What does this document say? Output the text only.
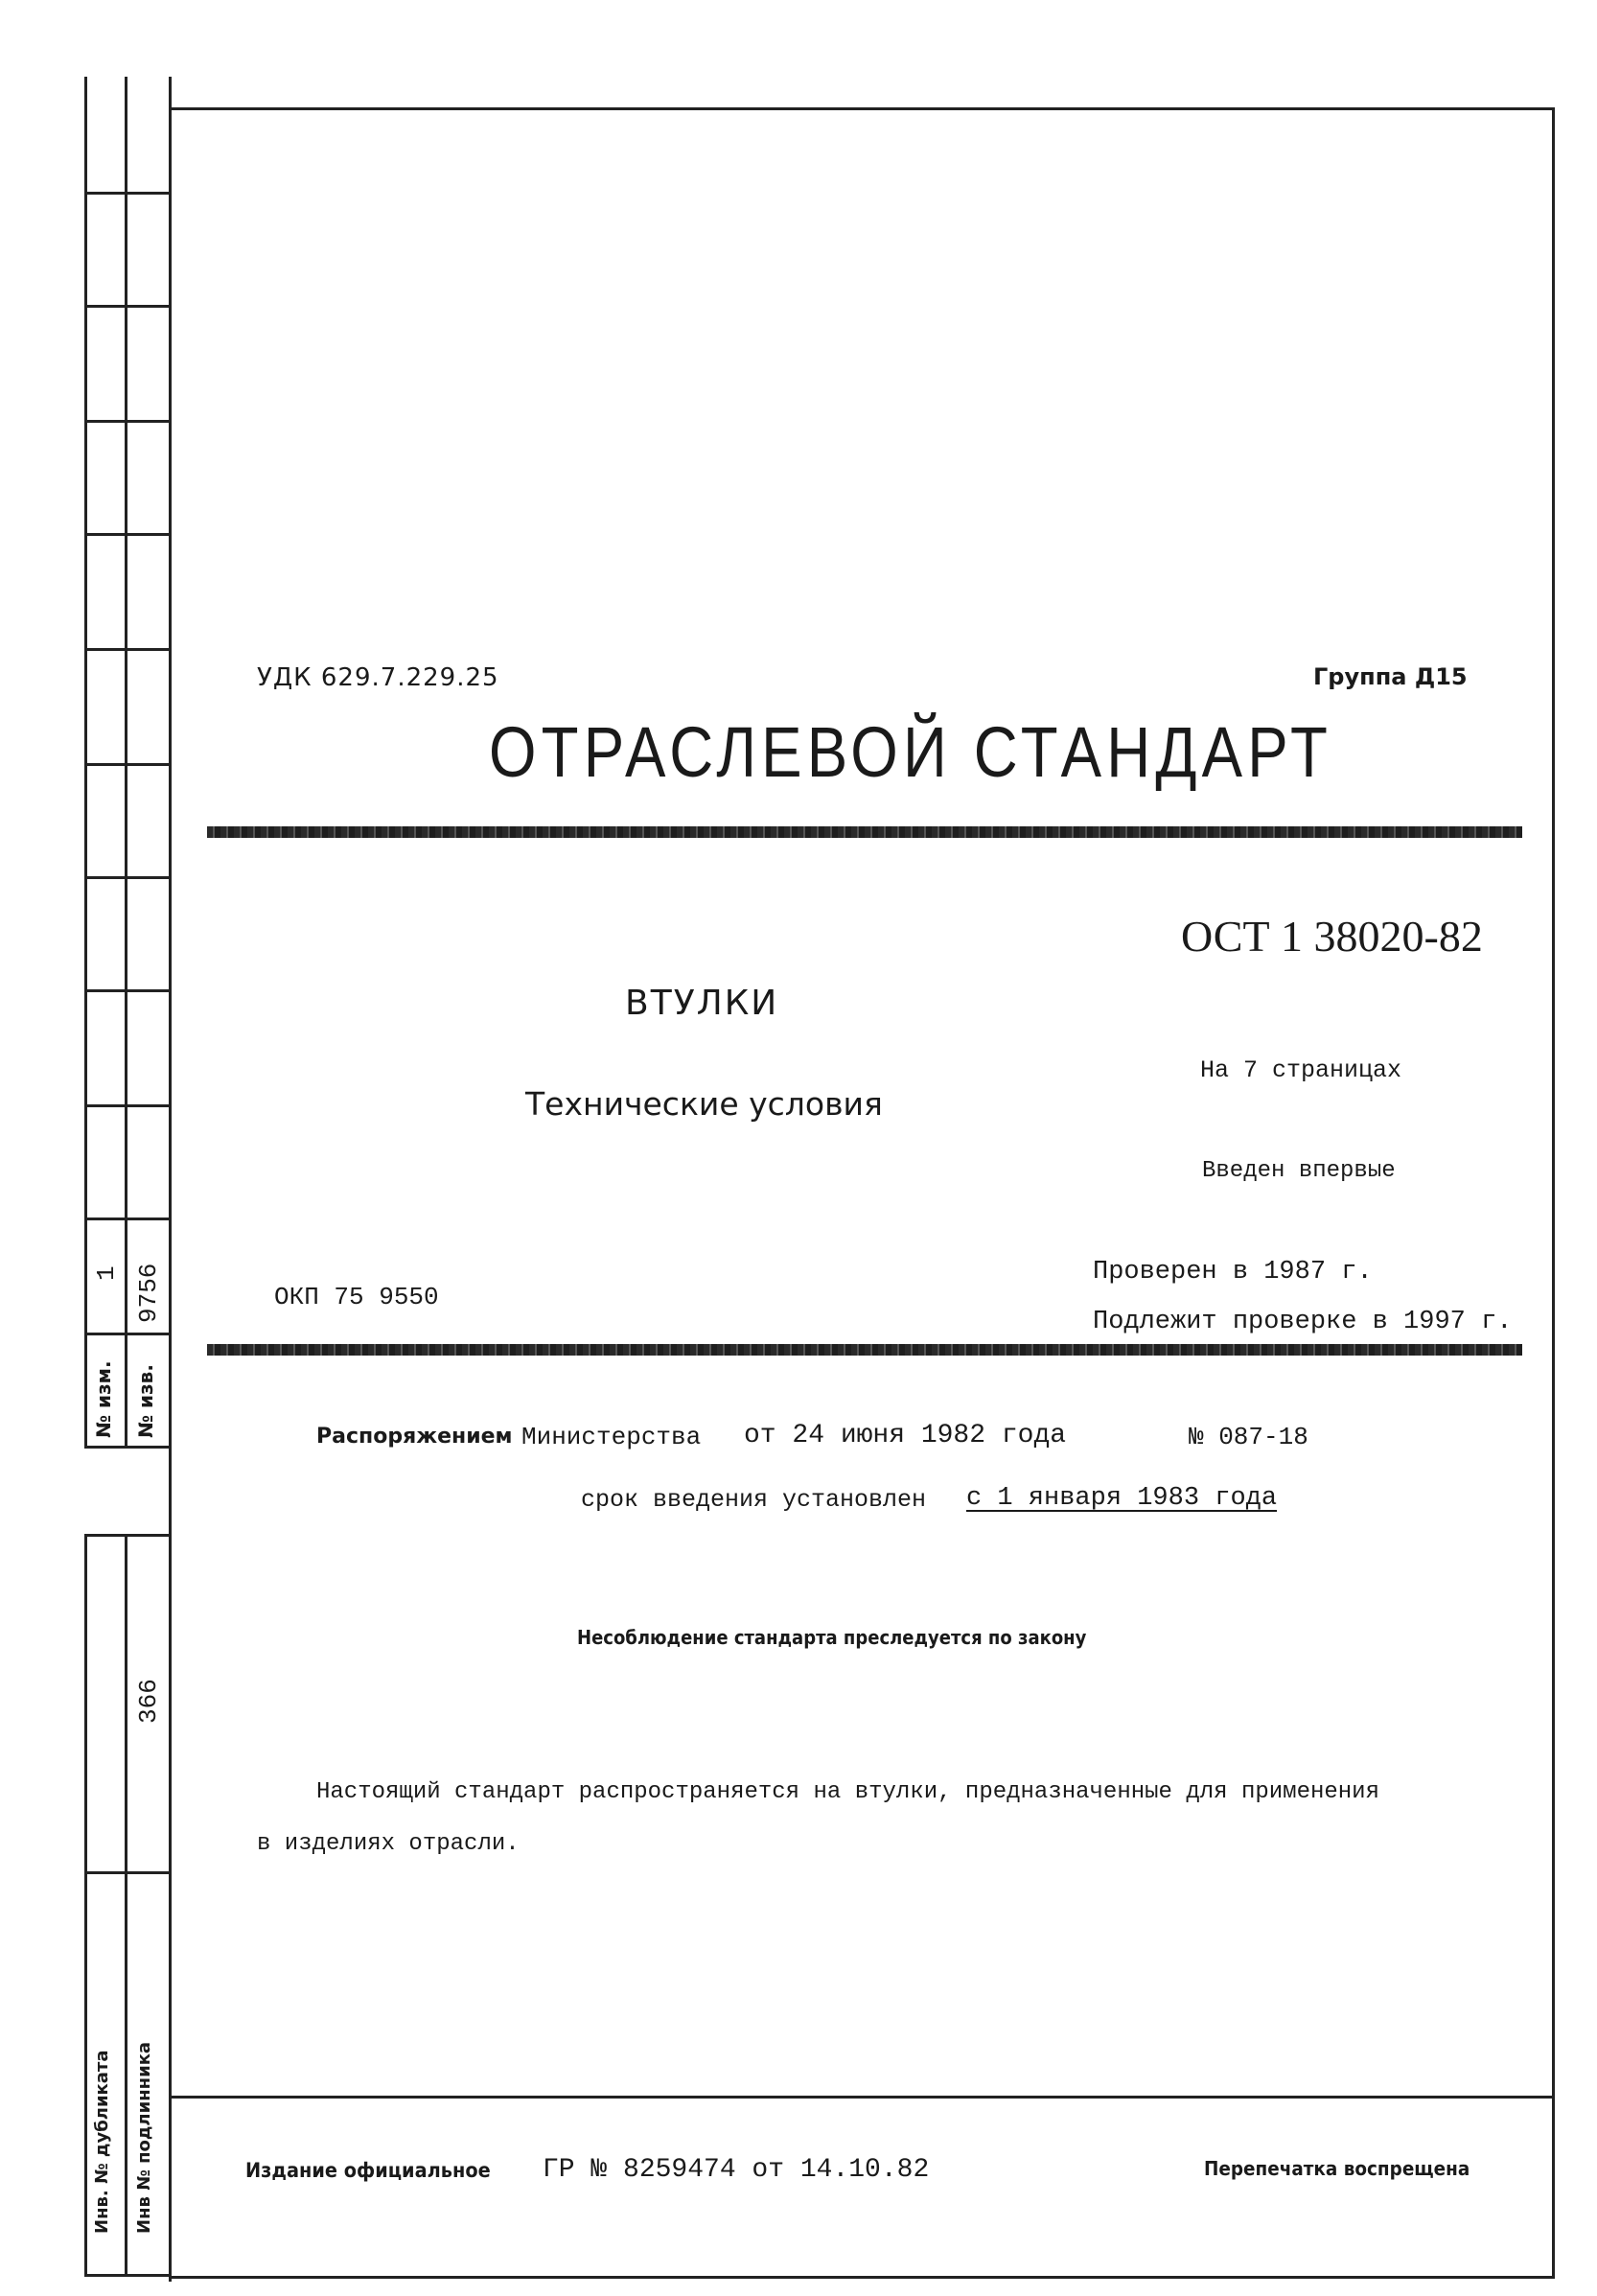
№ изм. № изв.
1 9756
366
Инв. № дубликата Инв № подлинника
УДК 629.7.229.25	Группа Д15
ОТРАСЛЕВОЙ СТАНДАРТ
ОСТ 1 38020-82
ВТУЛКИ
На 7 страницах
Технические условия
Введен впервые
ОКП 75 9550
Проверен в 1987 г.
Подлежит проверке в 1997 г.
Распоряжением Министерства от 24 июня 1982 года	№ 087-18
срок введения установлен с 1 января 1983 года
Несоблюдение стандарта преследуется по закону
Настоящий стандарт распространяется на втулки, предназначенные для применения
в изделиях отрасли.
Издание официальное ГР № 8259474 от 14.10.82	Перепечатка воспрещена
